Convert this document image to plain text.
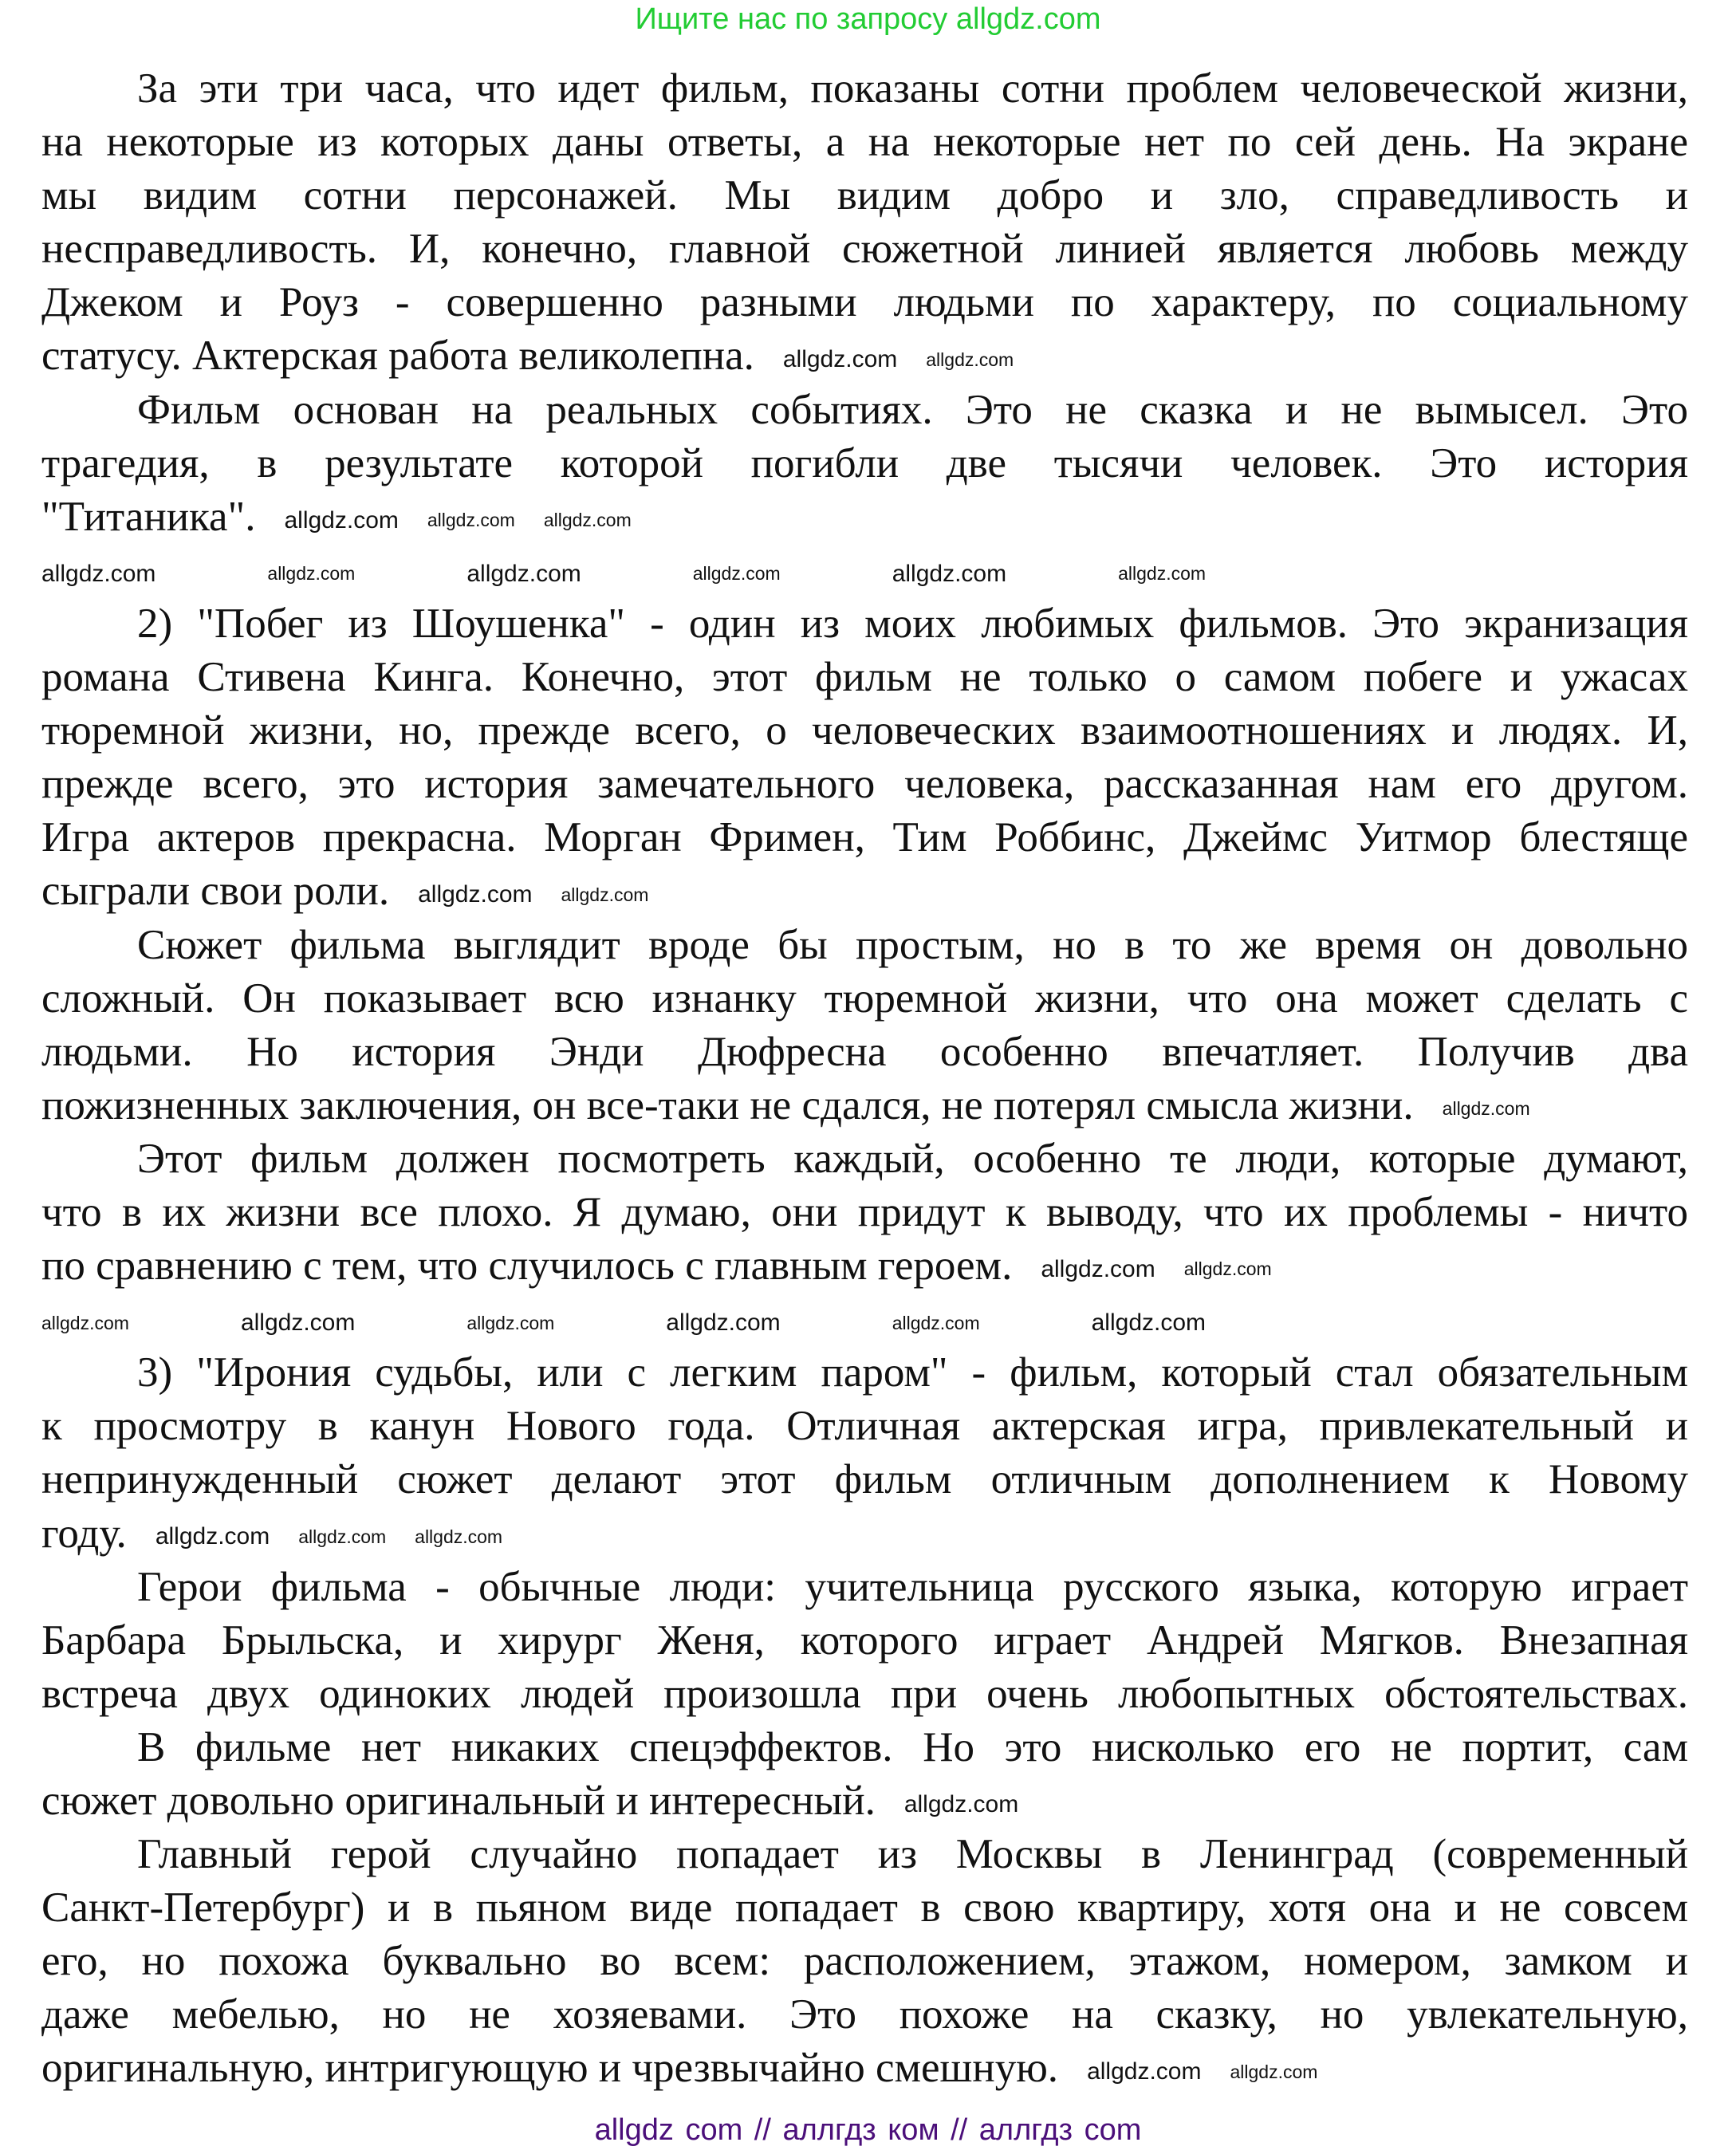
Ищите нас по запросу allgdz.com
За эти три часа, что идет фильм, показаны сотни проблем человеческой жизни,
на некоторые из которых даны ответы, а на некоторые нет по сей день. На экране
мы видим сотни персонажей. Мы видим добро и зло, справедливость и
несправедливость. И, конечно, главной сюжетной линией является любовь между
Джеком и Роуз - совершенно разными людьми по характеру, по социальному
статусу. Актерская работа великолепна. allgdz.com allgdz.com
Фильм основан на реальных событиях. Это не сказка и не вымысел. Это
трагедия, в результате которой погибли две тысячи человек. Это история
"Титаника". allgdz.com allgdz.com allgdz.com
allgdz.com	allgdz.com	allgdz.com	allgdz.com	allgdz.com	allgdz.com
2) "Побег из Шоушенка" - один из моих любимых фильмов. Это экранизация
романа Стивена Кинга. Конечно, этот фильм не только о самом побеге и ужасах
тюремной жизни, но, прежде всего, о человеческих взаимоотношениях и людях. И,
прежде всего, это история замечательного человека, рассказанная нам его другом.
Игра актеров прекрасна. Морган Фримен, Тим Роббинс, Джеймс Уитмор блестяще
сыграли свои роли. allgdz.com allgdz.com
Сюжет фильма выглядит вроде бы простым, но в то же время он довольно
сложный. Он показывает всю изнанку тюремной жизни, что она может сделать с
людьми. Но история Энди Дюфресна особенно впечатляет. Получив два
пожизненных заключения, он все-таки не сдался, не потерял смысла жизни. allgdz.com
Этот фильм должен посмотреть каждый, особенно те люди, которые думают,
что в их жизни все плохо. Я думаю, они придут к выводу, что их проблемы - ничто
по сравнению с тем, что случилось с главным героем. allgdz.com allgdz.com
allgdz.com	allgdz.com	allgdz.com	allgdz.com	allgdz.com	allgdz.com
3) "Ирония судьбы, или с легким паром" - фильм, который стал обязательным
к просмотру в канун Нового года. Отличная актерская игра, привлекательный и
непринужденный сюжет делают этот фильм отличным дополнением к Новому
году. allgdz.com allgdz.com allgdz.com
Герои фильма - обычные люди: учительница русского языка, которую играет
Барбара Брыльска, и хирург Женя, которого играет Андрей Мягков. Внезапная
встреча двух одиноких людей произошла при очень любопытных обстоятельствах.
В фильме нет никаких спецэффектов. Но это нисколько его не портит, сам
сюжет довольно оригинальный и интересный. allgdz.com
Главный герой случайно попадает из Москвы в Ленинград (современный
Санкт-Петербург) и в пьяном виде попадает в свою квартиру, хотя она и не совсем
его, но похожа буквально во всем: расположением, этажом, номером, замком и
даже мебелью, но не хозяевами. Это похоже на сказку, но увлекательную,
оригинальную, интригующую и чрезвычайно смешную. allgdz.com allgdz.com
allgdz com // аллгдз ком // аллгдз com
